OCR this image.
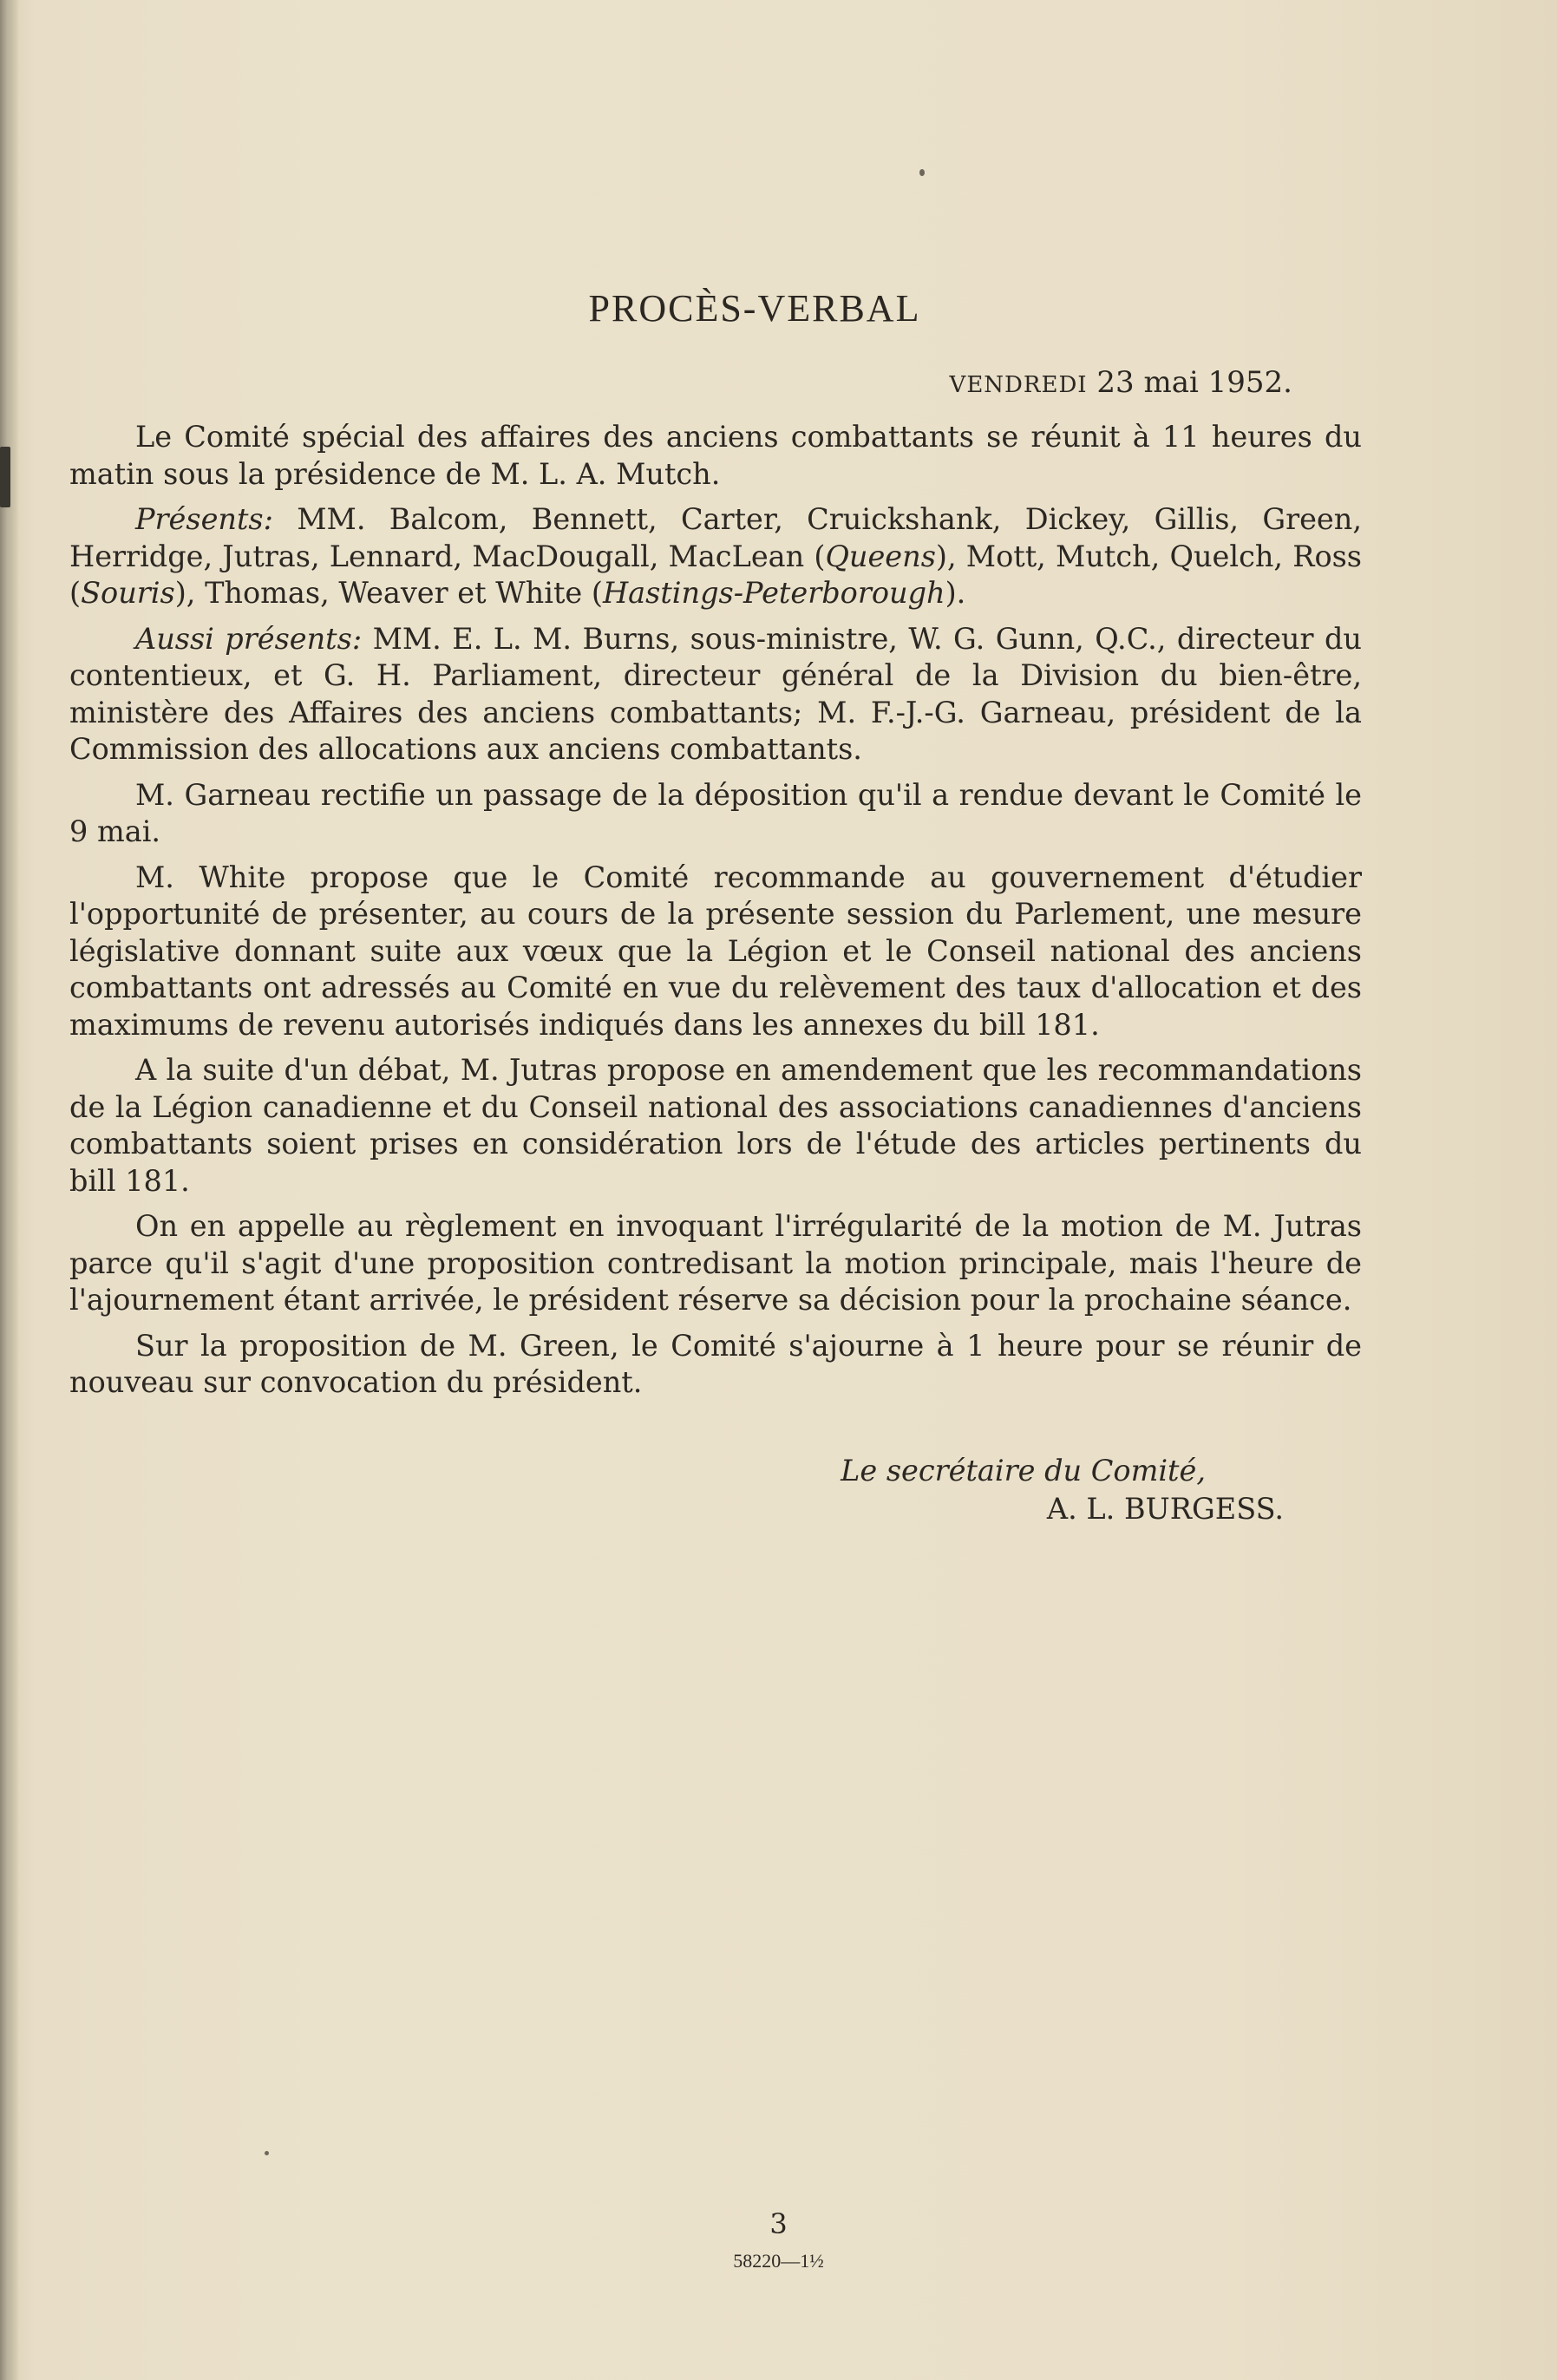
PROCÈS-VERBAL
VENDREDI 23 mai 1952.

Le Comité spécial des affaires des anciens combattants se réunit à 11 heures du matin sous la présidence de M. L. A. Mutch.

Présents: MM. Balcom, Bennett, Carter, Cruickshank, Dickey, Gillis, Green, Herridge, Jutras, Lennard, MacDougall, MacLean (Queens), Mott, Mutch, Quelch, Ross (Souris), Thomas, Weaver et White (Hastings-Peterborough).

Aussi présents: MM. E. L. M. Burns, sous-ministre, W. G. Gunn, Q.C., directeur du contentieux, et G. H. Parliament, directeur général de la Division du bien-être, ministère des Affaires des anciens combattants; M. F.-J.-G. Garneau, président de la Commission des allocations aux anciens combattants.

M. Garneau rectifie un passage de la déposition qu'il a rendue devant le Comité le 9 mai.

M. White propose que le Comité recommande au gouvernement d'étudier l'opportunité de présenter, au cours de la présente session du Parlement, une mesure législative donnant suite aux vœux que la Légion et le Conseil national des anciens combattants ont adressés au Comité en vue du relèvement des taux d'allocation et des maximums de revenu autorisés indiqués dans les annexes du bill 181.

A la suite d'un débat, M. Jutras propose en amendement que les recommandations de la Légion canadienne et du Conseil national des associations canadiennes d'anciens combattants soient prises en considération lors de l'étude des articles pertinents du bill 181.

On en appelle au règlement en invoquant l'irrégularité de la motion de M. Jutras parce qu'il s'agit d'une proposition contredisant la motion principale, mais l'heure de l'ajournement étant arrivée, le président réserve sa décision pour la prochaine séance.

Sur la proposition de M. Green, le Comité s'ajourne à 1 heure pour se réunir de nouveau sur convocation du président.

Le secrétaire du Comité,
A. L. BURGESS.
3
58220—1½
